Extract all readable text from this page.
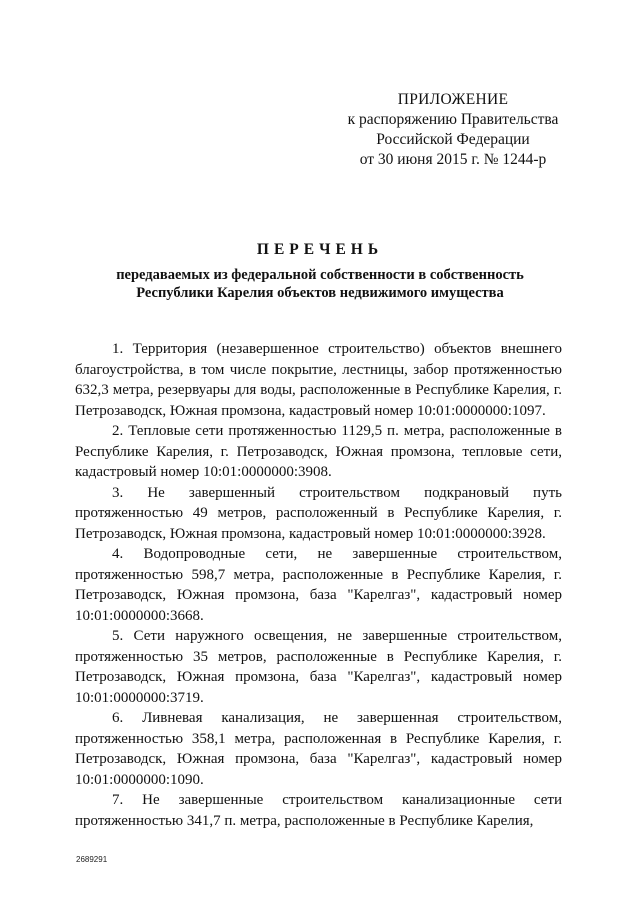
ПРИЛОЖЕНИЕ
к распоряжению Правительства
Российской Федерации
от 30 июня 2015 г. № 1244-р
ПЕРЕЧЕНЬ
передаваемых из федеральной собственности в собственность
Республики Карелия объектов недвижимого имущества

1. Территория (незавершенное строительство) объектов внешнего благоустройства, в том числе покрытие, лестницы, забор протяженностью 632,3 метра, резервуары для воды, расположенные в Республике Карелия, г. Петрозаводск, Южная промзона, кадастровый номер 10:01:0000000:1097.

2. Тепловые сети протяженностью 1129,5 п. метра, расположенные в Республике Карелия, г. Петрозаводск, Южная промзона, тепловые сети, кадастровый номер 10:01:0000000:3908.

3. Не завершенный строительством подкрановый путь протяженностью 49 метров, расположенный в Республике Карелия, г. Петрозаводск, Южная промзона, кадастровый номер 10:01:0000000:3928.

4. Водопроводные сети, не завершенные строительством, протяженностью 598,7 метра, расположенные в Республике Карелия, г. Петрозаводск, Южная промзона, база "Карелгаз", кадастровый номер 10:01:0000000:3668.

5. Сети наружного освещения, не завершенные строительством, протяженностью 35 метров, расположенные в Республике Карелия, г. Петрозаводск, Южная промзона, база "Карелгаз", кадастровый номер 10:01:0000000:3719.

6. Ливневая канализация, не завершенная строительством, протяженностью 358,1 метра, расположенная в Республике Карелия, г. Петрозаводск, Южная промзона, база "Карелгаз", кадастровый номер 10:01:0000000:1090.

7. Не завершенные строительством канализационные сети протяженностью 341,7 п. метра, расположенные в Республике Карелия,

2689291
